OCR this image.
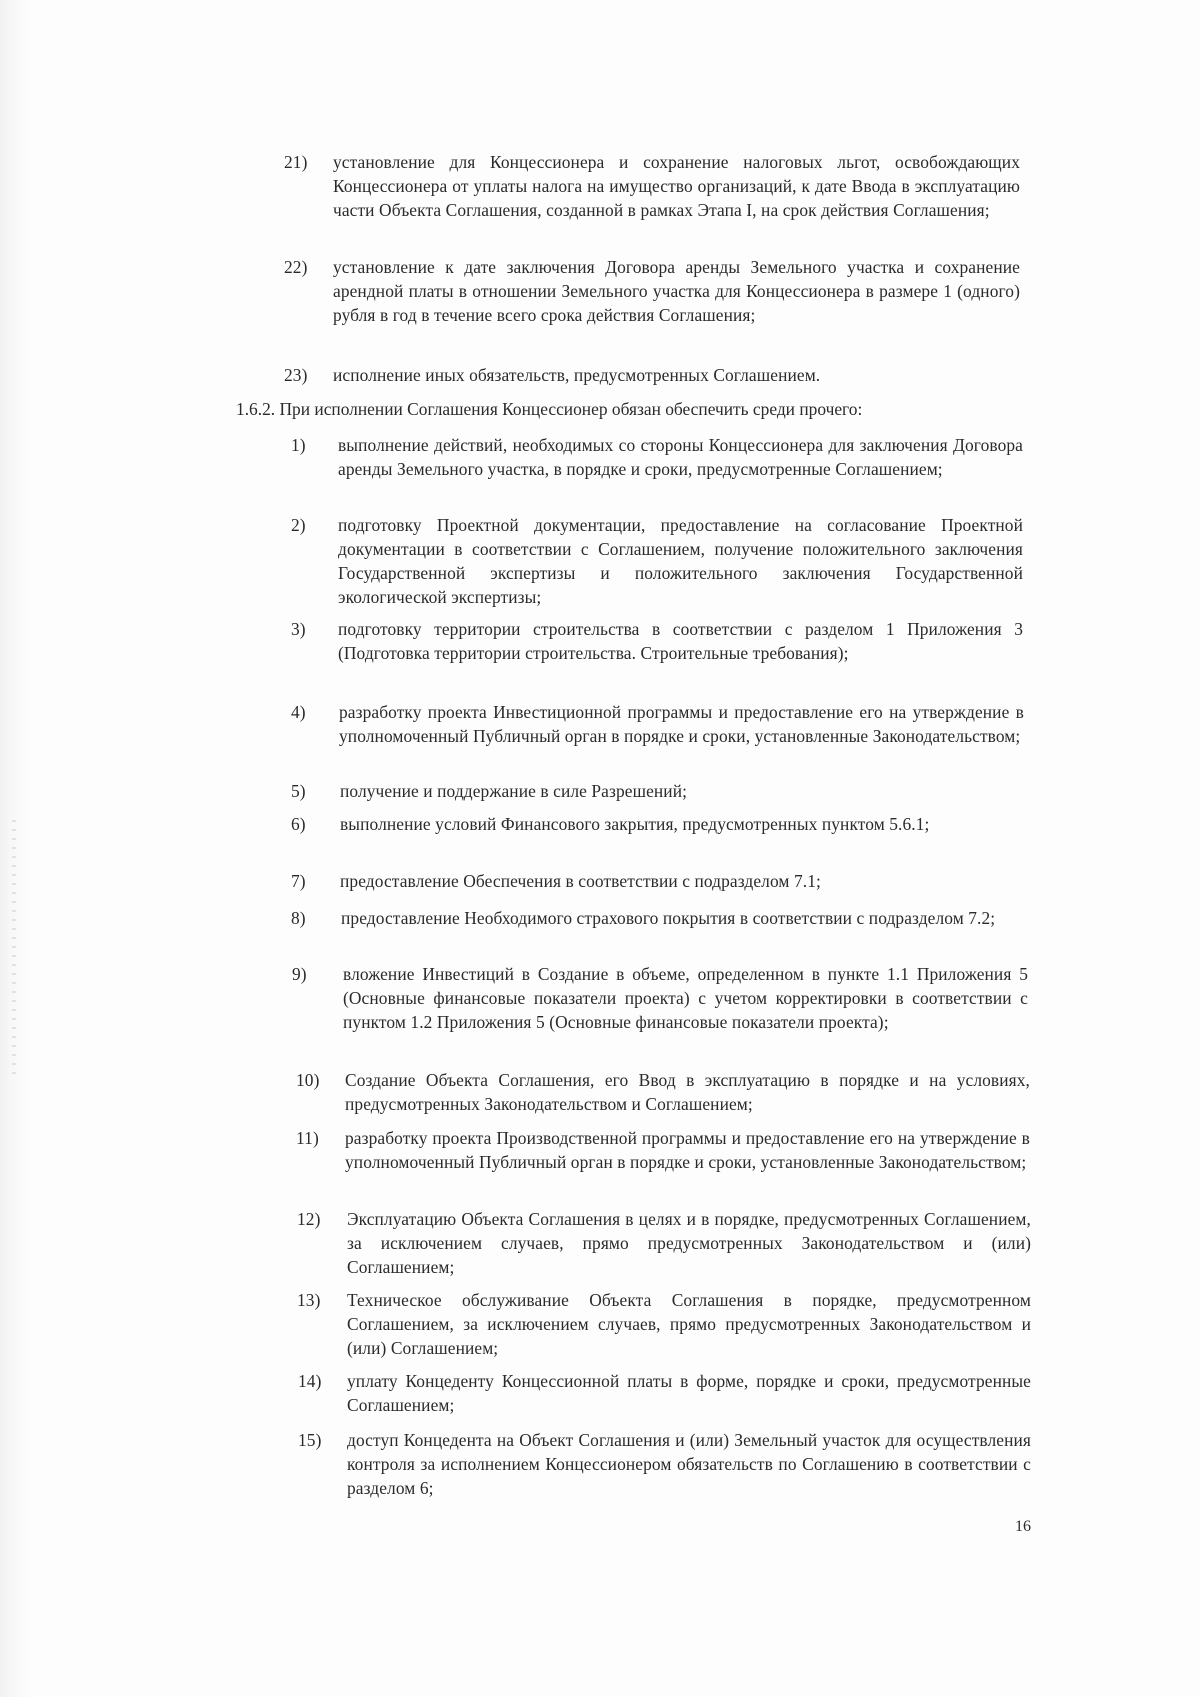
21) установление для Концессионера и сохранение налоговых льгот, освобождающих Концессионера от уплаты налога на имущество организаций, к дате Ввода в эксплуатацию части Объекта Соглашения, созданной в рамках Этапа I, на срок действия Соглашения;
22) установление к дате заключения Договора аренды Земельного участка и сохранение арендной платы в отношении Земельного участка для Концессионера в размере 1 (одного) рубля в год в течение всего срока действия Соглашения;
23) исполнение иных обязательств, предусмотренных Соглашением.
1.6.2. При исполнении Соглашения Концессионер обязан обеспечить среди прочего:
1) выполнение действий, необходимых со стороны Концессионера для заключения Договора аренды Земельного участка, в порядке и сроки, предусмотренные Соглашением;
2) подготовку Проектной документации, предоставление на согласование Проектной документации в соответствии с Соглашением, получение положительного заключения Государственной экспертизы и положительного заключения Государственной экологической экспертизы;
3) подготовку территории строительства в соответствии с разделом 1 Приложения 3 (Подготовка территории строительства. Строительные требования);
4) разработку проекта Инвестиционной программы и предоставление его на утверждение в уполномоченный Публичный орган в порядке и сроки, установленные Законодательством;
5) получение и поддержание в силе Разрешений;
6) выполнение условий Финансового закрытия, предусмотренных пунктом 5.6.1;
7) предоставление Обеспечения в соответствии с подразделом 7.1;
8) предоставление Необходимого страхового покрытия в соответствии с подразделом 7.2;
9) вложение Инвестиций в Создание в объеме, определенном в пункте 1.1 Приложения 5 (Основные финансовые показатели проекта) с учетом корректировки в соответствии с пунктом 1.2 Приложения 5 (Основные финансовые показатели проекта);
10) Создание Объекта Соглашения, его Ввод в эксплуатацию в порядке и на условиях, предусмотренных Законодательством и Соглашением;
11) разработку проекта Производственной программы и предоставление его на утверждение в уполномоченный Публичный орган в порядке и сроки, установленные Законодательством;
12) Эксплуатацию Объекта Соглашения в целях и в порядке, предусмотренных Соглашением, за исключением случаев, прямо предусмотренных Законодательством и (или) Соглашением;
13) Техническое обслуживание Объекта Соглашения в порядке, предусмотренном Соглашением, за исключением случаев, прямо предусмотренных Законодательством и (или) Соглашением;
14) уплату Концеденту Концессионной платы в форме, порядке и сроки, предусмотренные Соглашением;
15) доступ Концедента на Объект Соглашения и (или) Земельный участок для осуществления контроля за исполнением Концессионером обязательств по Соглашению в соответствии с разделом 6;
16
